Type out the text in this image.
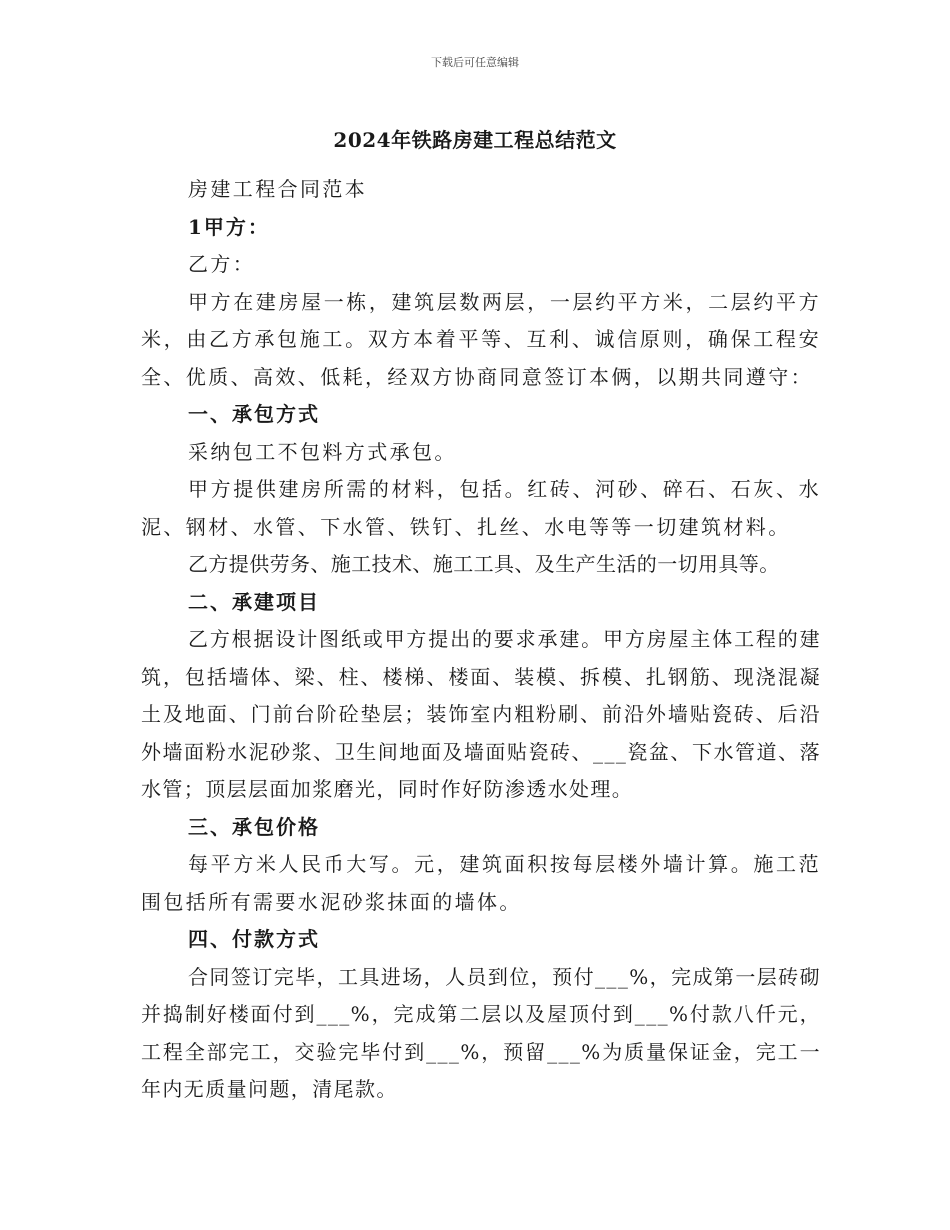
下载后可任意编辑
2024年铁路房建工程总结范文

房建工程合同范本

1甲方：

乙方：

甲方在建房屋一栋，建筑层数两层，一层约平方米，二层约平方米，由乙方承包施工。双方本着平等、互利、诚信原则，确保工程安全、优质、高效、低耗，经双方协商同意签订本俩，以期共同遵守：

一、承包方式

采纳包工不包料方式承包。

甲方提供建房所需的材料，包括。红砖、河砂、碎石、石灰、水泥、钢材、水管、下水管、铁钉、扎丝、水电等等一切建筑材料。

乙方提供劳务、施工技术、施工工具、及生产生活的一切用具等。

二、承建项目

乙方根据设计图纸或甲方提出的要求承建。甲方房屋主体工程的建筑，包括墙体、梁、柱、楼梯、楼面、装模、拆模、扎钢筋、现浇混凝土及地面、门前台阶砼垫层；装饰室内粗粉刷、前沿外墙贴瓷砖、后沿外墙面粉水泥砂浆、卫生间地面及墙面贴瓷砖、___瓷盆、下水管道、落水管；顶层层面加浆磨光，同时作好防渗透水处理。

三、承包价格

每平方米人民币大写。元，建筑面积按每层楼外墙计算。施工范围包括所有需要水泥砂浆抹面的墙体。

四、付款方式

合同签订完毕，工具进场，人员到位，预付___%，完成第一层砖砌并捣制好楼面付到___%，完成第二层以及屋顶付到___%付款八仟元，工程全部完工，交验完毕付到___%，预留___%为质量保证金，完工一年内无质量问题，清尾款。
